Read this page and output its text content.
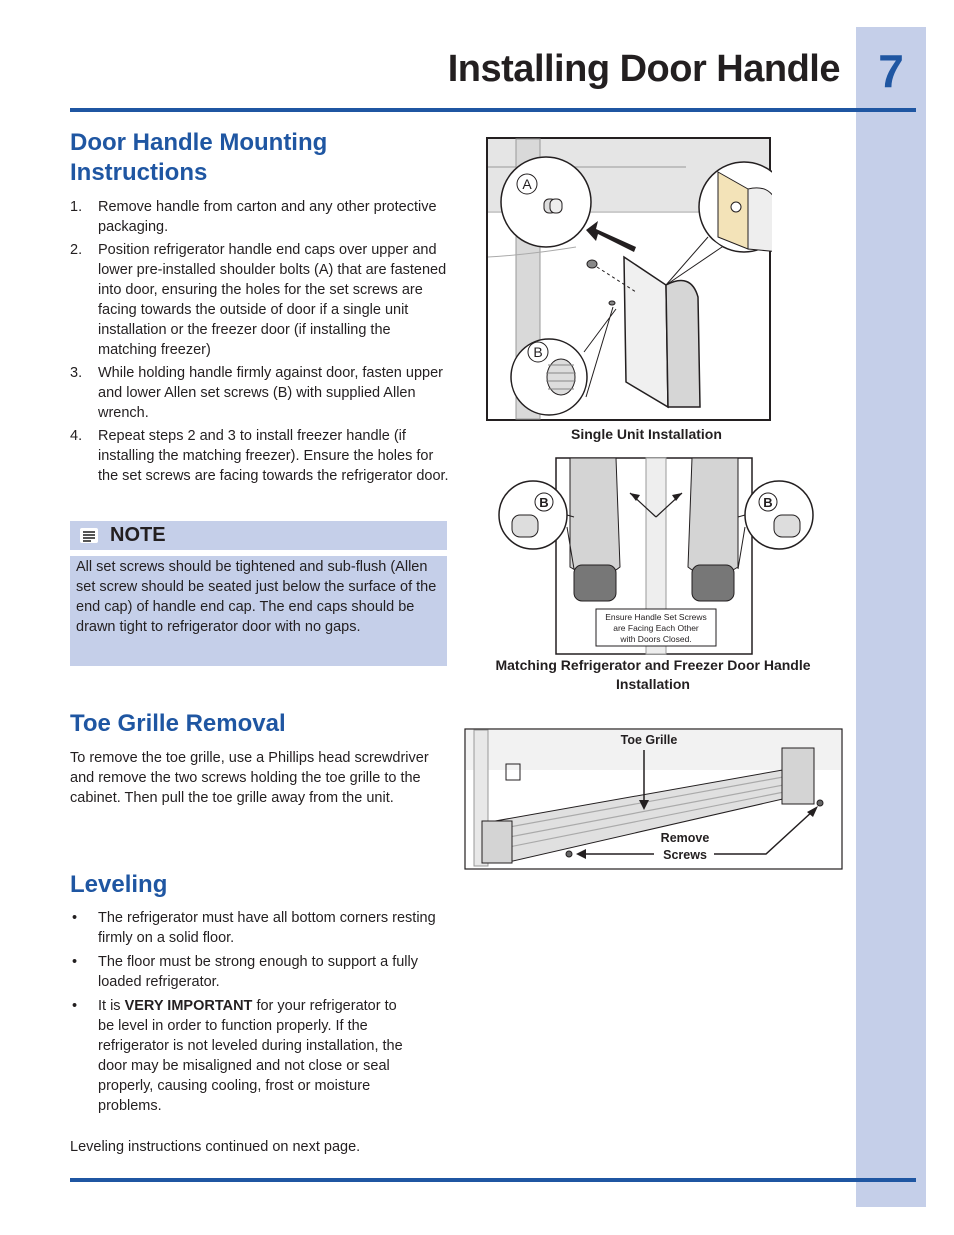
7
Installing Door Handle
Door Handle Mounting
Instructions
1. Remove handle from carton and any other protective packaging.
2. Position refrigerator handle end caps over upper and lower pre-installed shoulder bolts (A) that are fastened into door, ensuring the holes for the set screws are facing towards the outside of door if a single unit installation or the freezer door (if installing the matching freezer)
3. While holding handle firmly against door, fasten upper and lower Allen set screws (B) with supplied Allen wrench.
4. Repeat steps 2 and 3 to install freezer handle (if installing the matching freezer). Ensure the holes for the set screws are facing towards the refrigerator door.
NOTE

All set screws should be tightened and sub-flush (Allen set screw should be seated just below the surface of the end cap) of handle end cap. The end caps should be drawn tight to refrigerator door with no gaps.

Toe Grille Removal

To remove the toe grille, use a Phillips head screwdriver and remove the two screws holding the toe grille to the cabinet. Then pull the toe grille away from the unit.

Leveling
• The refrigerator must have all bottom corners resting firmly on a solid floor.
• The floor must be strong enough to support a fully loaded refrigerator.
• It is VERY IMPORTANT for your refrigerator to be level in order to function properly. If the refrigerator is not leveled during installation, the door may be misaligned and not close or seal properly, causing cooling, frost or moisture problems.

Leveling instructions continued on next page.

A
B
Single Unit Installation
Ensure Handle Set Screws
are Facing Each Other
with Doors Closed.
B	B
Matching Refrigerator and Freezer Door Handle
Installation
Toe Grille
Remove
Screws
